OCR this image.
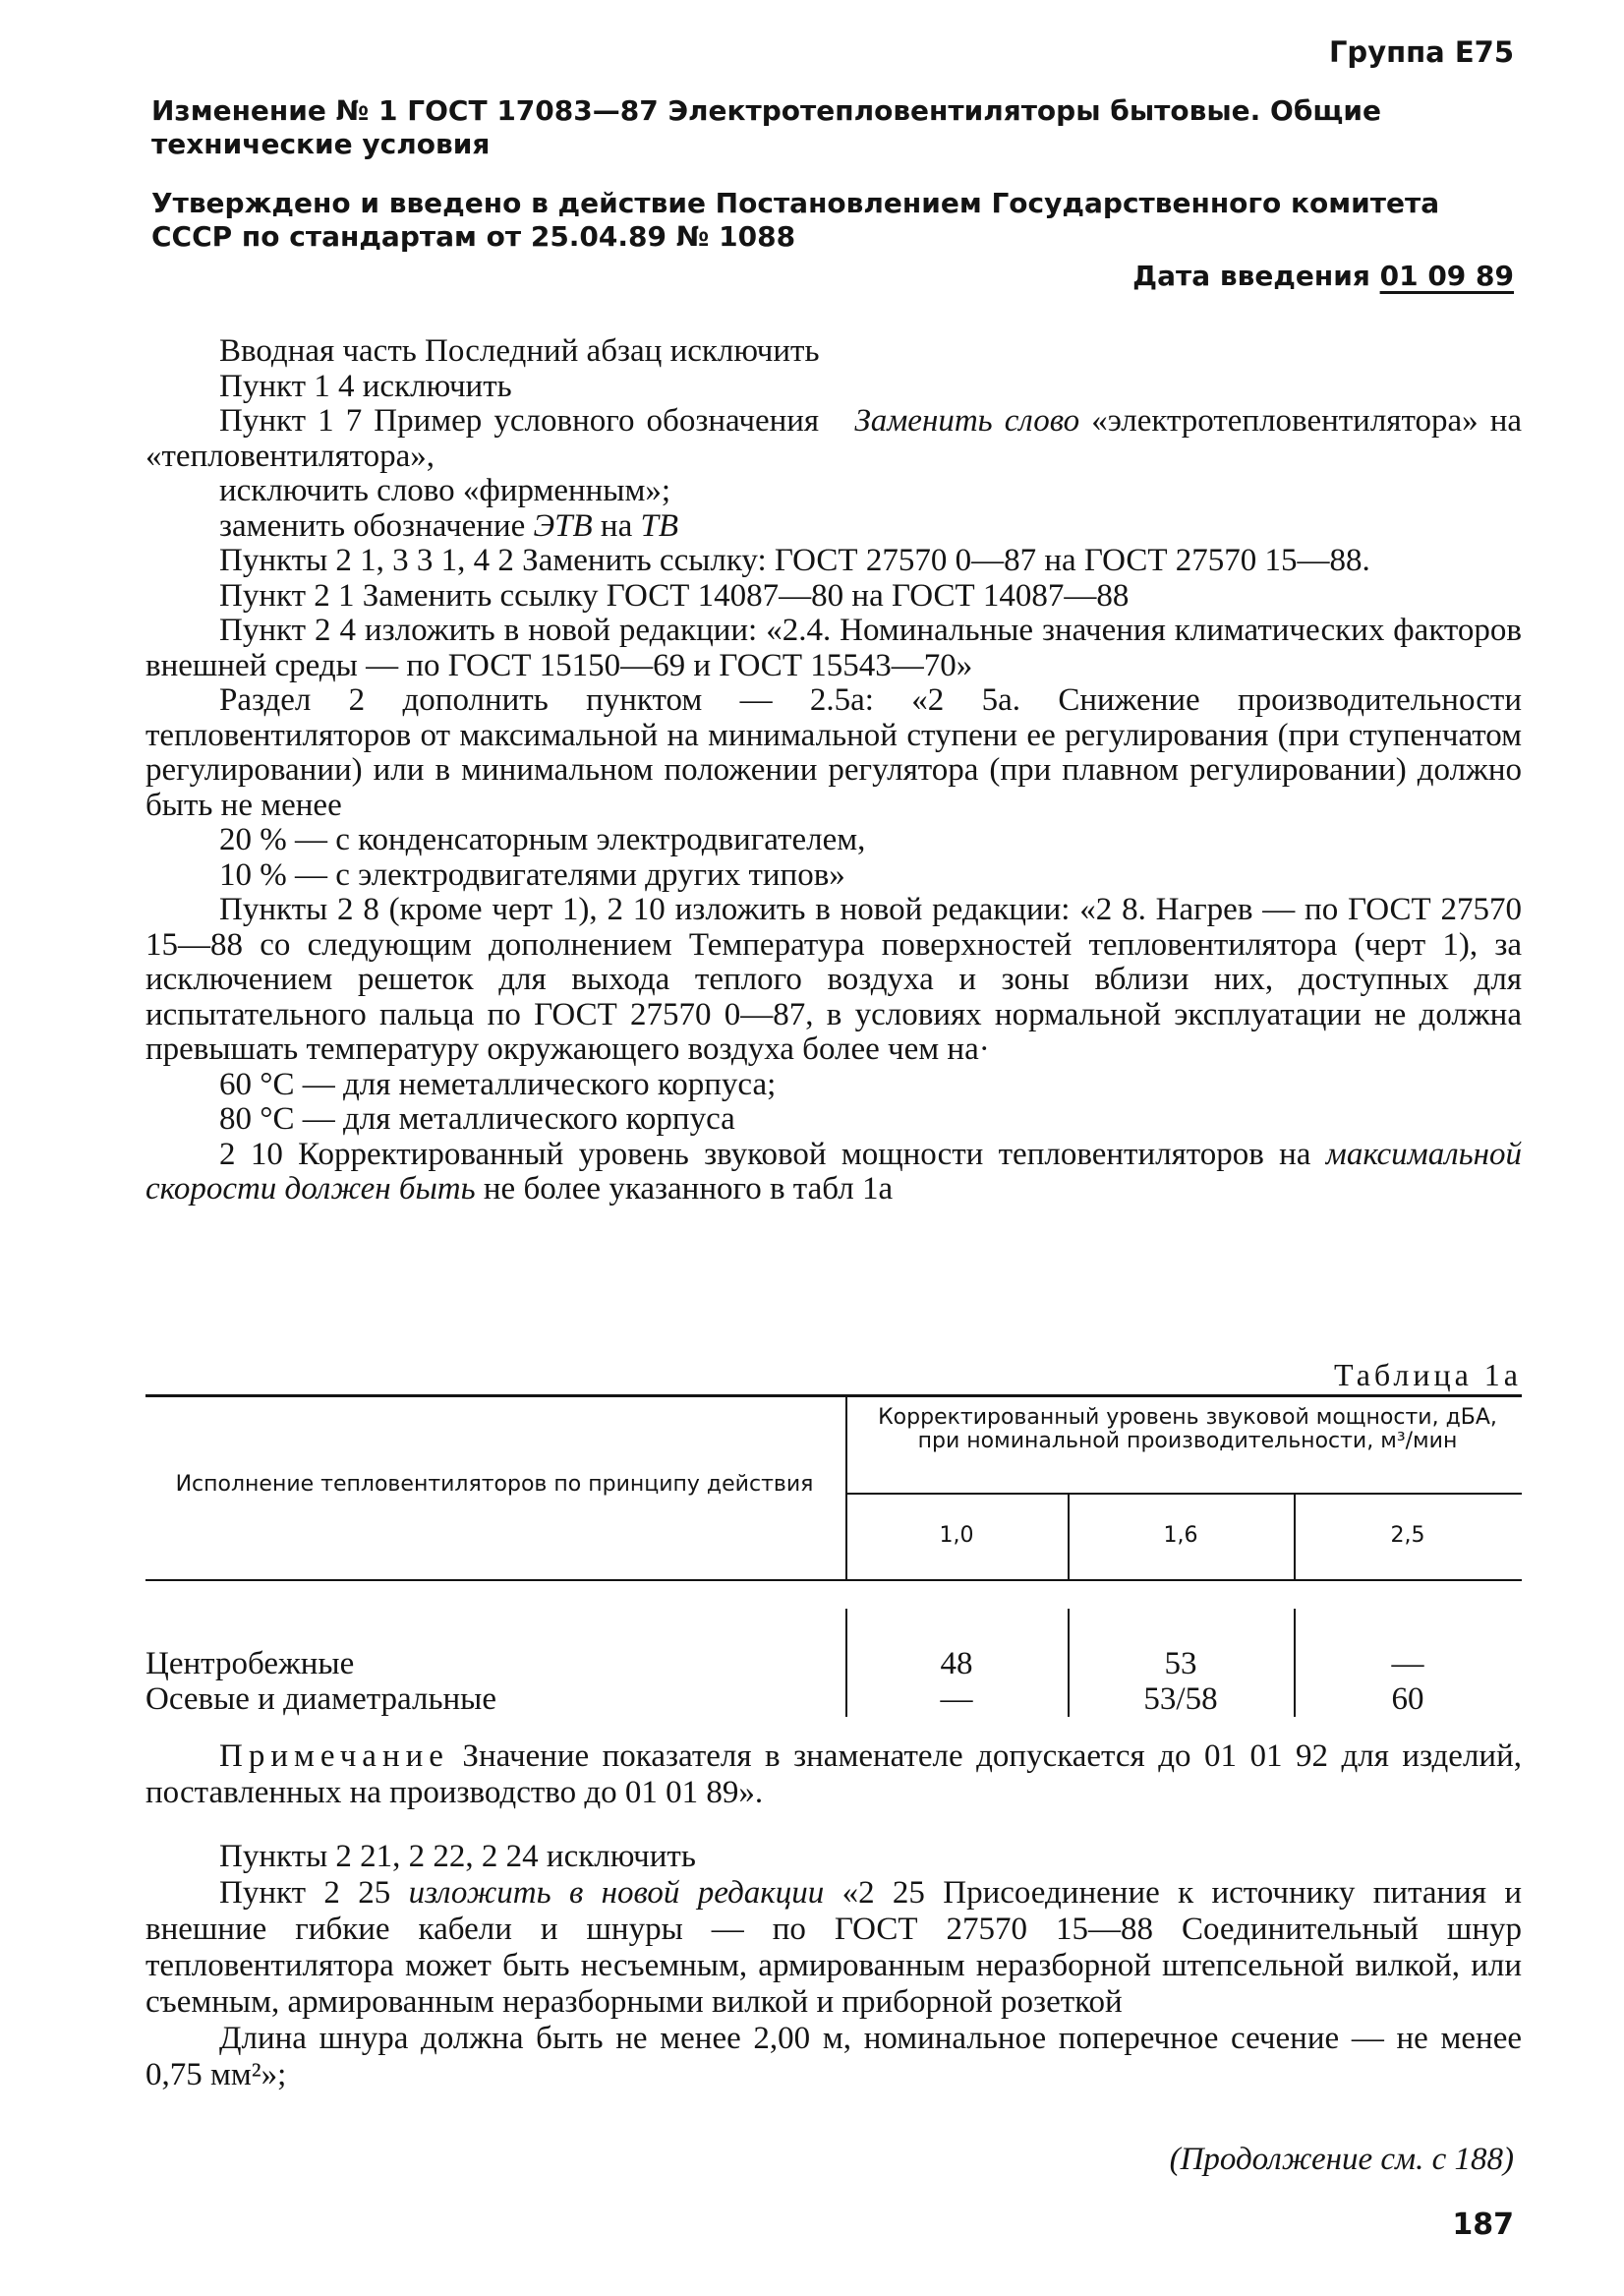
Группа Е75
Изменение № 1 ГОСТ 17083—87 Электротепловентиляторы бытовые. Общие технические условия
Утверждено и введено в действие Постановлением Государственного комитета СССР по стандартам от 25.04.89 № 1088
Дата введения 01 09 89

Вводная часть Последний абзац исключить

Пункт 1 4 исключить

Пункт 1 7 Пример условного обозначения Заменить слово «электротепловентилятора» на «тепловентилятора»,

исключить слово «фирменным»;

заменить обозначение ЭТВ на ТВ

Пункты 2 1, 3 3 1, 4 2 Заменить ссылку: ГОСТ 27570 0—87 на ГОСТ 27570 15—88.

Пункт 2 1 Заменить ссылку ГОСТ 14087—80 на ГОСТ 14087—88

Пункт 2 4 изложить в новой редакции: «2.4. Номинальные значения климатических факторов внешней среды — по ГОСТ 15150—69 и ГОСТ 15543—70»

Раздел 2 дополнить пунктом — 2.5а: «2 5а. Снижение производительности тепловентиляторов от максимальной на минимальной ступени ее регулирования (при ступенчатом регулировании) или в минимальном положении регулятора (при плавном регулировании) должно быть не менее

20 % — с конденсаторным электродвигателем,

10 % — с электродвигателями других типов»

Пункты 2 8 (кроме черт 1), 2 10 изложить в новой редакции: «2 8. Нагрев — по ГОСТ 27570 15—88 со следующим дополнением Температура поверхностей тепловентилятора (черт 1), за исключением решеток для выхода теплого воздуха и зоны вблизи них, доступных для испытательного пальца по ГОСТ 27570 0—87, в условиях нормальной эксплуатации не должна превышать температуру окружающего воздуха более чем на·

60 °С — для неметаллического корпуса;

80 °С — для металлического корпуса

2 10 Корректированный уровень звуковой мощности тепловентиляторов на максимальной скорости должен быть не более указанного в табл 1а

Таблица 1а
Исполнение тепловентиляторов по принципу действия
Корректированный уровень звуковой мощности, дБА, при номинальной производительности, м³/мин
1,0	1,6	2,5
Центробежные	48	53	—
Осевые и диаметральные	—	53/58	60

Примечание Значение показателя в знаменателе допускается до 01 01 92 для изделий, поставленных на производство до 01 01 89».

Пункты 2 21, 2 22, 2 24 исключить

Пункт 2 25 изложить в новой редакции «2 25 Присоединение к источнику питания и внешние гибкие кабели и шнуры — по ГОСТ 27570 15—88 Соединительный шнур тепловентилятора может быть несъемным, армированным неразборной штепсельной вилкой, или съемным, армированным неразборными вилкой и приборной розеткой

Длина шнура должна быть не менее 2,00 м, номинальное поперечное сечение — не менее 0,75 мм²»;

(Продолжение см. с 188)
187
